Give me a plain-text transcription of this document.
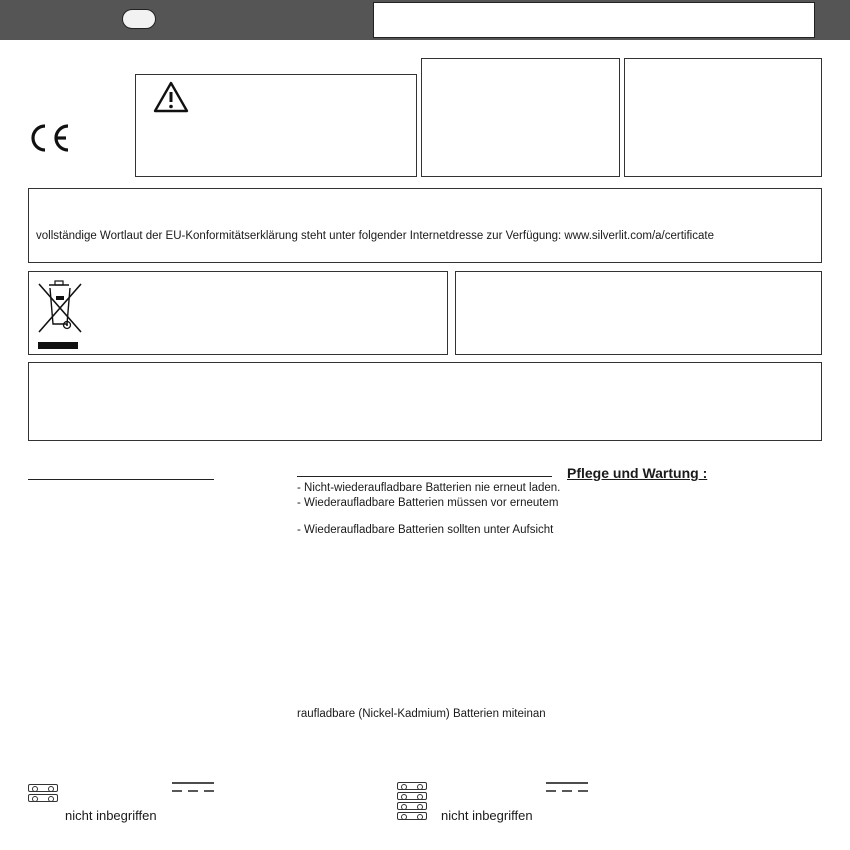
vollständige Wortlaut der EU-Konformitätserklärung steht unter folgender Internetdresse zur Verfügung: www.silverlit.com/a/certificate
- Nicht-wiederaufladbare Batterien nie erneut laden.
- Wiederaufladbare Batterien müssen vor erneutem
- Wiederaufladbare Batterien sollten unter Aufsicht
raufladbare (Nickel-Kadmium) Batterien miteinan
Pflege und Wartung :
nicht inbegriffen	nicht inbegriffen
